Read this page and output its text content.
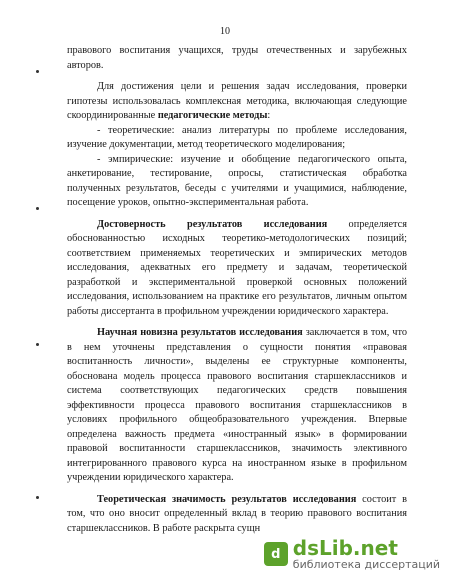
10

правового воспитания учащихся, труды отечественных и зарубежных авторов.

Для достижения цели и решения задач исследования, проверки гипотезы использовалась комплексная методика, включающая следующие скоординированные педагогические методы:

- теоретические: анализ литературы по проблеме исследования, изучение документации, метод теоретического моделирования;

- эмпирические: изучение и обобщение педагогического опыта, анкетирование, тестирование, опросы, статистическая обработка полученных результатов, беседы с учителями и учащимися, наблюдение, посещение уроков, опытно-экспериментальная работа.

Достоверность результатов исследования определяется обоснованностью исходных теоретико-методологических позиций; соответствием применяемых теоретических и эмпирических методов исследования, адекватных его предмету и задачам, теоретической разработкой и экспериментальной проверкой основных положений исследования, использованием на практике его результатов, личным опытом работы диссертанта в профильном учреждении юридического характера.

Научная новизна результатов исследования заключается в том, что в нем уточнены представления о сущности понятия «правовая воспитанность личности», выделены ее структурные компоненты, обоснована модель процесса правового воспитания старшеклассников и система соответствующих педагогических средств повышения эффективности процесса правового воспитания старшеклассников в условиях профильного общеобразовательного учреждения. Впервые определена важность предмета «иностранный язык» в формировании правовой воспитанности старшеклассников, значимость элективного интегрированного правового курса на иностранном языке в профильном учреждении юридического характера.

Теоретическая значимость результатов исследования состоит в том, что оно вносит определенный вклад в теорию правового воспитания старшеклассников. В работе раскрыта сущн

d dsLib.net
библиотека диссертаций
